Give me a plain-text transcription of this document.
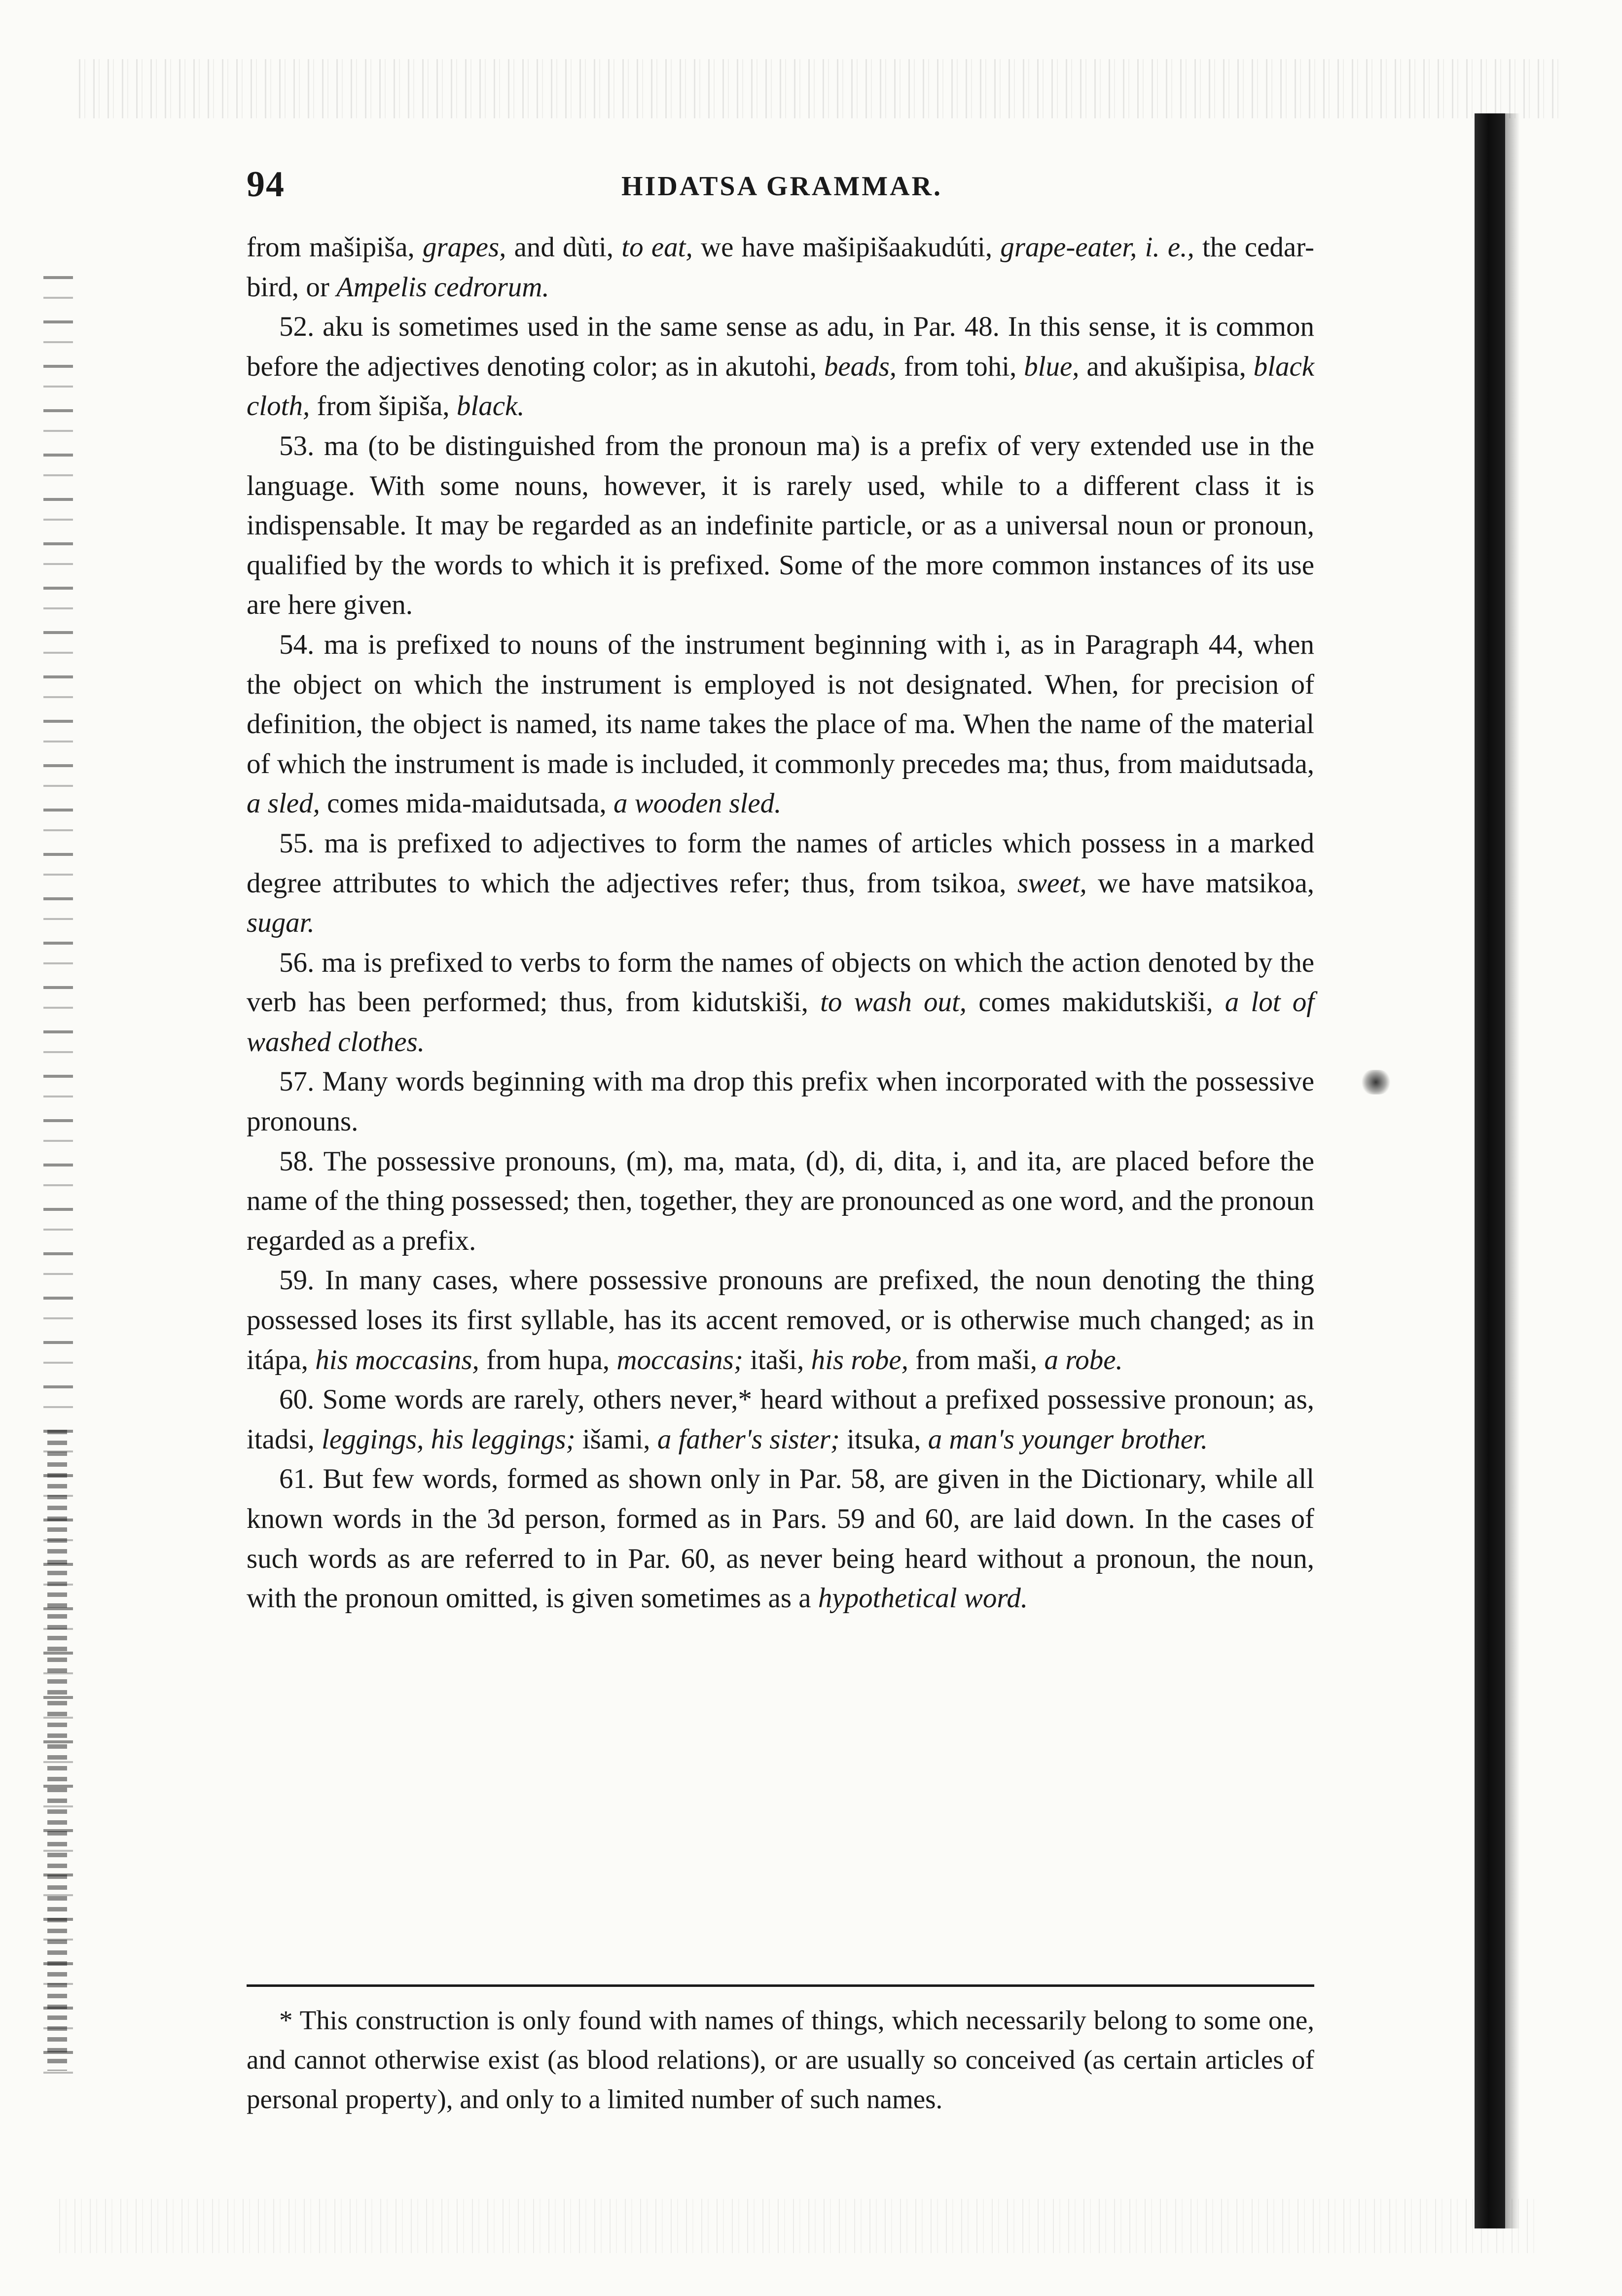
94	HIDATSA GRAMMAR.

from mašipiša, grapes, and dùti, to eat, we have mašipišaakudúti, grape-eater, i. e., the cedar-bird, or Ampelis cedrorum.

52. aku is sometimes used in the same sense as adu, in Par. 48. In this sense, it is common before the adjectives denoting color; as in akutohi, beads, from tohi, blue, and akušipisa, black cloth, from šipiša, black.

53. ma (to be distinguished from the pronoun ma) is a prefix of very extended use in the language. With some nouns, however, it is rarely used, while to a different class it is indispensable. It may be regarded as an indefinite particle, or as a universal noun or pronoun, qualified by the words to which it is prefixed. Some of the more common instances of its use are here given.

54. ma is prefixed to nouns of the instrument beginning with i, as in Paragraph 44, when the object on which the instrument is employed is not designated. When, for precision of definition, the object is named, its name takes the place of ma. When the name of the material of which the instrument is made is included, it commonly precedes ma; thus, from maidutsada, a sled, comes mida-maidutsada, a wooden sled.

55. ma is prefixed to adjectives to form the names of articles which possess in a marked degree attributes to which the adjectives refer; thus, from tsikoa, sweet, we have matsikoa, sugar.

56. ma is prefixed to verbs to form the names of objects on which the action denoted by the verb has been performed; thus, from kidutskiši, to wash out, comes makidutskiši, a lot of washed clothes.

57. Many words beginning with ma drop this prefix when incorporated with the possessive pronouns.

58. The possessive pronouns, (m), ma, mata, (d), di, dita, i, and ita, are placed before the name of the thing possessed; then, together, they are pronounced as one word, and the pronoun regarded as a prefix.

59. In many cases, where possessive pronouns are prefixed, the noun denoting the thing possessed loses its first syllable, has its accent removed, or is otherwise much changed; as in itápa, his moccasins, from hupa, moccasins; itaši, his robe, from maši, a robe.

60. Some words are rarely, others never,* heard without a prefixed possessive pronoun; as, itadsi, leggings, his leggings; išami, a father's sister; itsuka, a man's younger brother.

61. But few words, formed as shown only in Par. 58, are given in the Dictionary, while all known words in the 3d person, formed as in Pars. 59 and 60, are laid down. In the cases of such words as are referred to in Par. 60, as never being heard without a pronoun, the noun, with the pronoun omitted, is given sometimes as a hypothetical word.

* This construction is only found with names of things, which necessarily belong to some one, and cannot otherwise exist (as blood relations), or are usually so conceived (as certain articles of personal property), and only to a limited number of such names.
